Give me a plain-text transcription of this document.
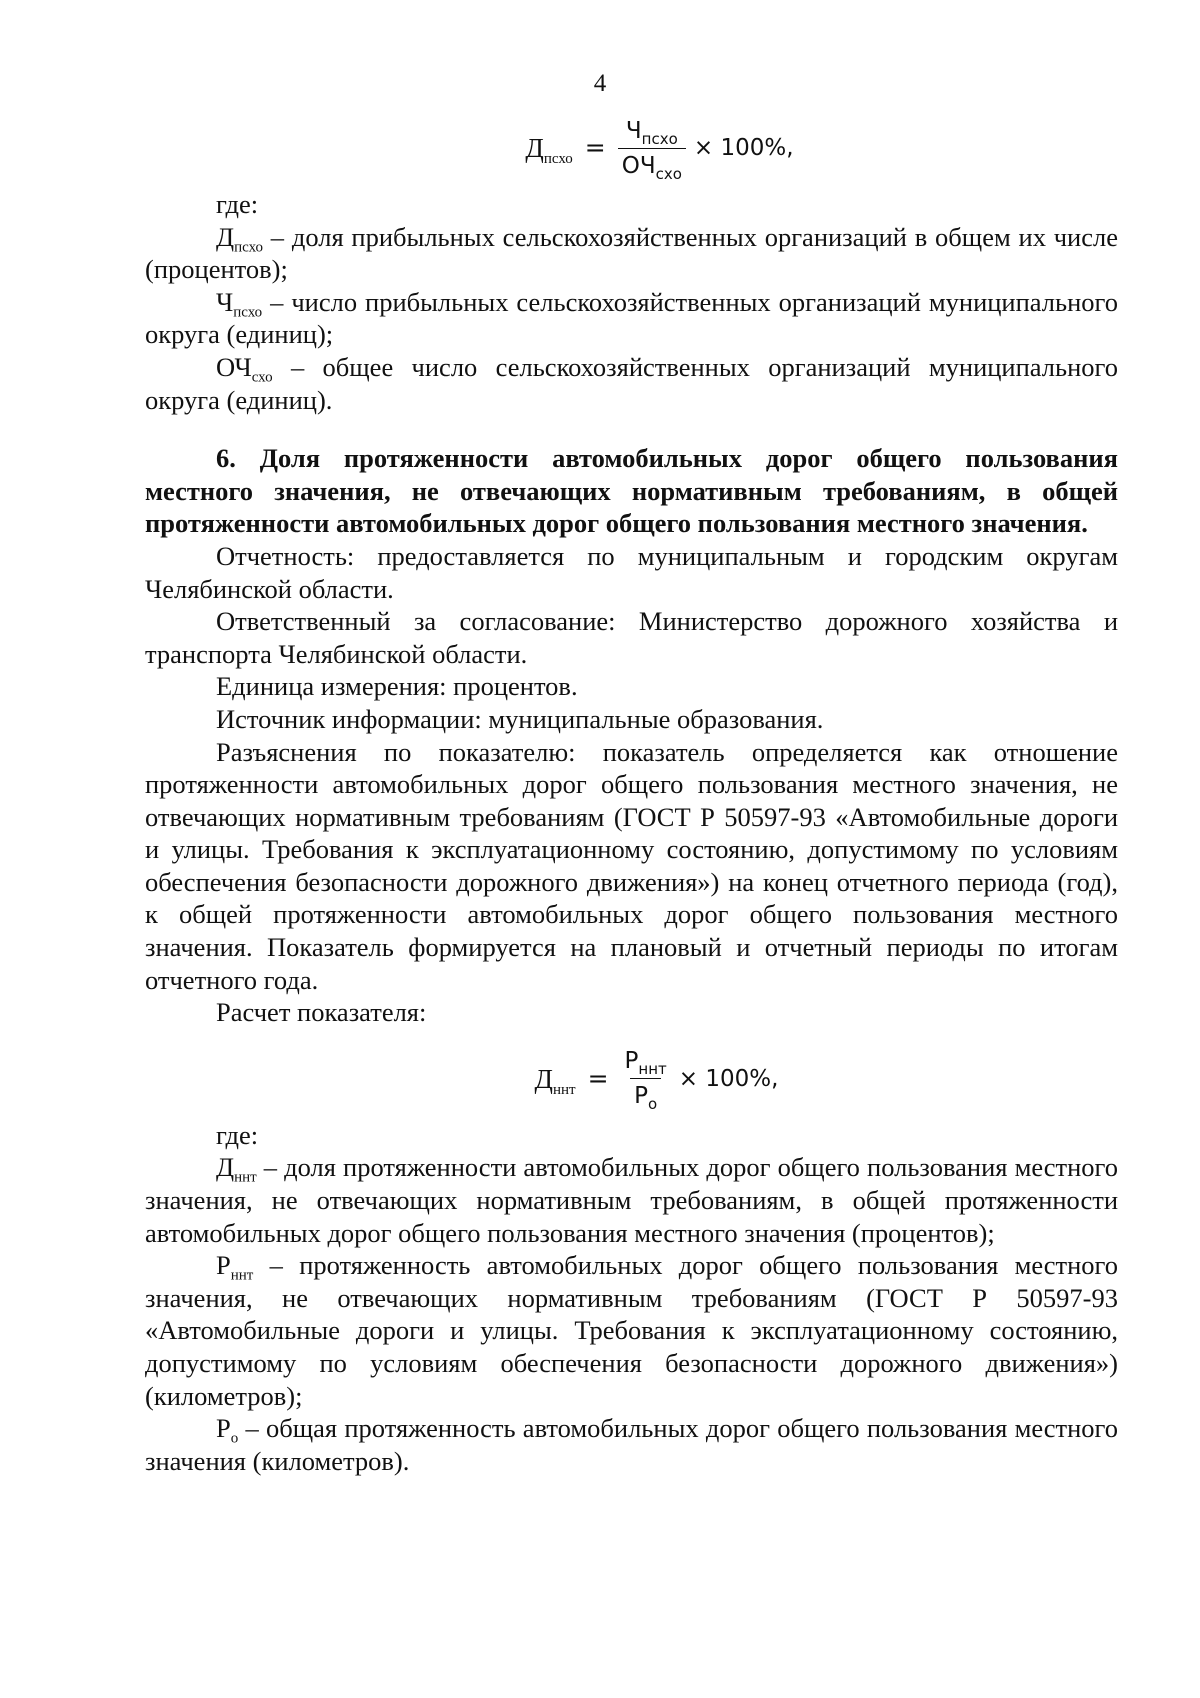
4
$Д_{псхо} = \frac{Ч_{псхо}}{ОЧ_{схо}} \times 100\%$,

где:

$Д_{псхо}$ – доля прибыльных сельскохозяйственных организаций в общем их числе (процентов);

$Ч_{псхо}$ – число прибыльных сельскохозяйственных организаций муниципального округа (единиц);

$ОЧ_{схо}$ – общее число сельскохозяйственных организаций муниципального округа (единиц).

6. Доля протяженности автомобильных дорог общего пользования местного значения, не отвечающих нормативным требованиям, в общей протяженности автомобильных дорог общего пользования местного значения.

Отчетность: предоставляется по муниципальным и городским округам Челябинской области.

Ответственный за согласование: Министерство дорожного хозяйства и транспорта Челябинской области.

Единица измерения: процентов.

Источник информации: муниципальные образования.

Разъяснения по показателю: показатель определяется как отношение протяженности автомобильных дорог общего пользования местного значения, не отвечающих нормативным требованиям (ГОСТ Р 50597-93 «Автомобильные дороги и улицы. Требования к эксплуатационному состоянию, допустимому по условиям обеспечения безопасности дорожного движения») на конец отчетного периода (год), к общей протяженности автомобильных дорог общего пользования местного значения. Показатель формируется на плановый и отчетный периоды по итогам отчетного года.

Расчет показателя:

$Д_{ннт} = \frac{Р_{ннт}}{Р_о} \times 100\%$,

где:

$Д_{ннт}$ – доля протяженности автомобильных дорог общего пользования местного значения, не отвечающих нормативным требованиям, в общей протяженности автомобильных дорог общего пользования местного значения (процентов);

$Р_{ннт}$ – протяженность автомобильных дорог общего пользования местного значения, не отвечающих нормативным требованиям (ГОСТ Р 50597-93 «Автомобильные дороги и улицы. Требования к эксплуатационному состоянию, допустимому по условиям обеспечения безопасности дорожного движения») (километров);

$Р_о$ – общая протяженность автомобильных дорог общего пользования местного значения (километров).
